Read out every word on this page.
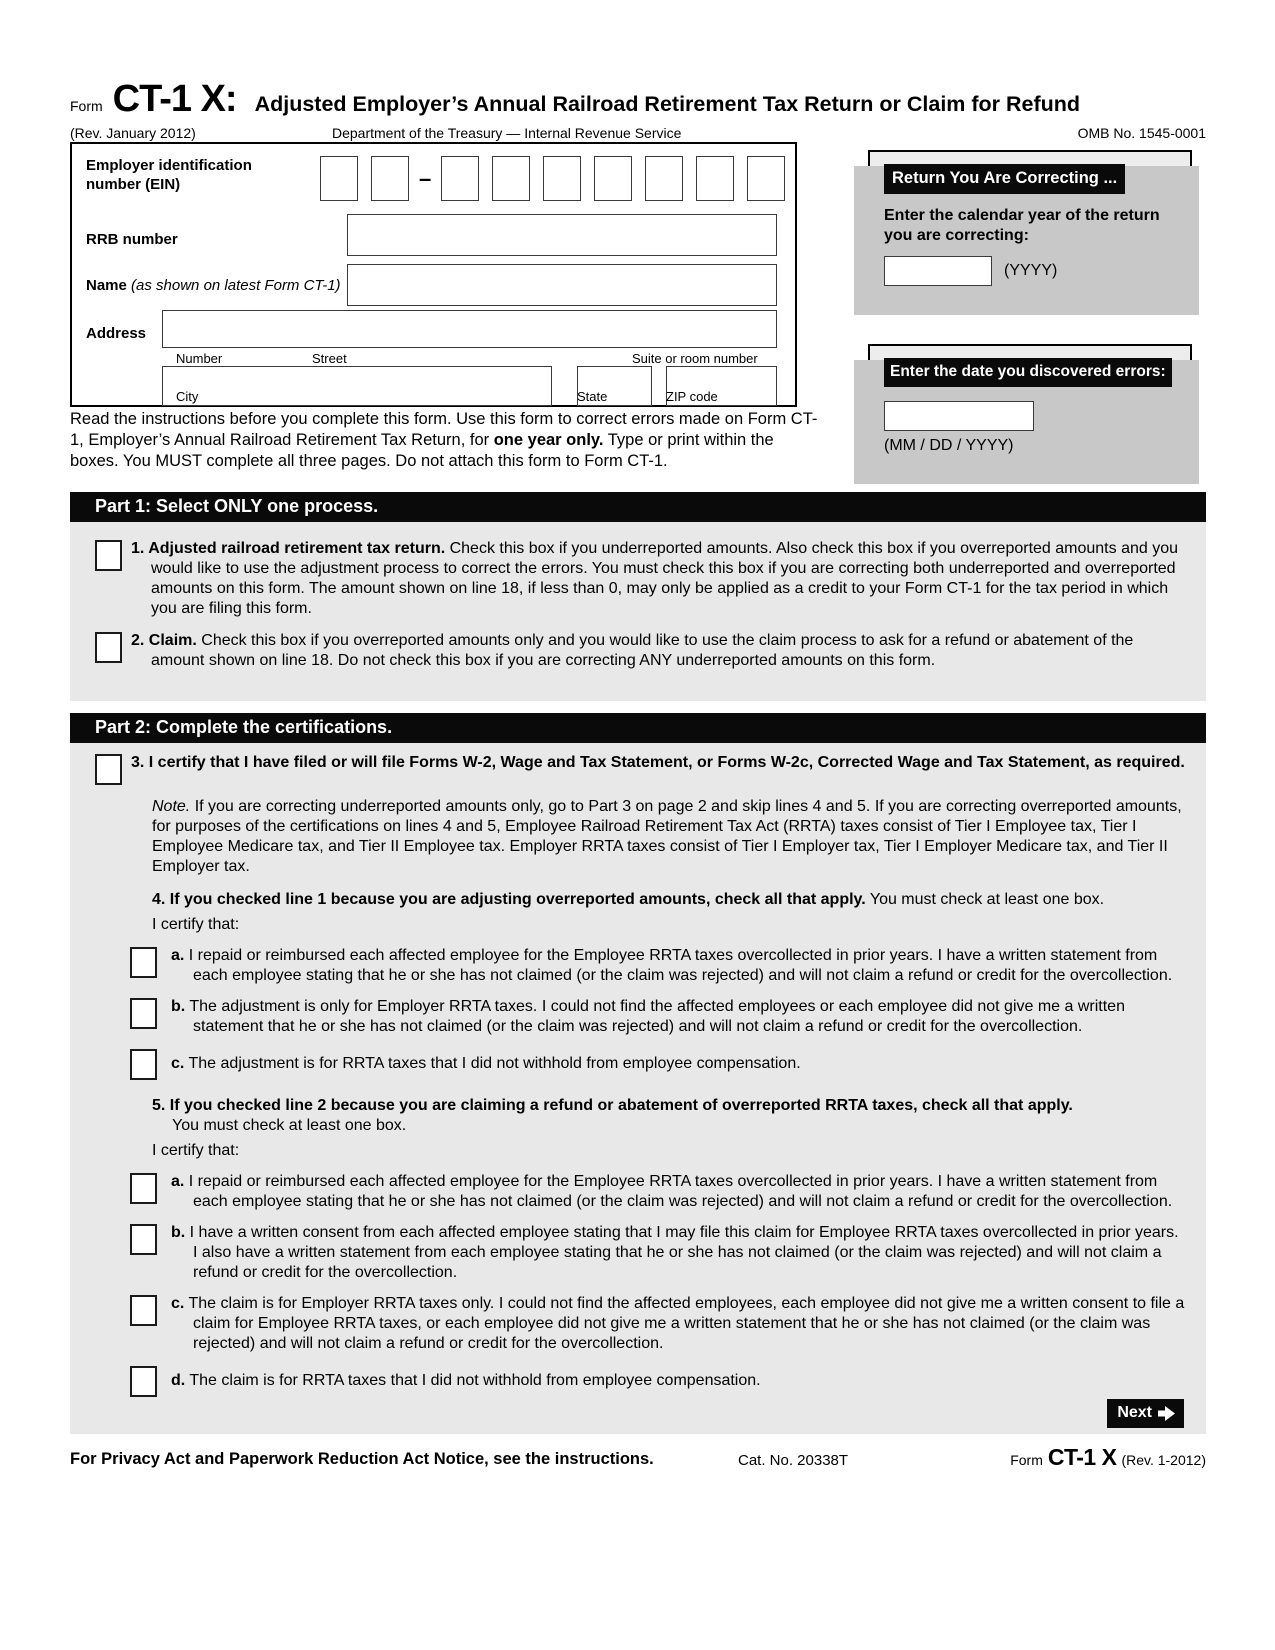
Form CT-1 X: Adjusted Employer’s Annual Railroad Retirement Tax Return or Claim for Refund
(Rev. January 2012)	Department of the Treasury — Internal Revenue Service	OMB No. 1545-0001
Employer identification number (EIN)	–
RRB number
Name (as shown on latest Form CT-1)
Address
Number	Street	Suite or room number
City	State	ZIP code
Return You Are Correcting ...
Enter the calendar year of the return you are correcting:
(YYYY)
Enter the date you discovered errors:
(MM / DD / YYYY)

Read the instructions before you complete this form. Use this form to correct errors made on Form CT-1, Employer’s Annual Railroad Retirement Tax Return, for one year only. Type or print within the boxes. You MUST complete all three pages. Do not attach this form to Form CT-1.

Part 1: Select ONLY one process.
1. Adjusted railroad retirement tax return. Check this box if you underreported amounts. Also check this box if you overreported amounts and you would like to use the adjustment process to correct the errors. You must check this box if you are correcting both underreported and overreported amounts on this form. The amount shown on line 18, if less than 0, may only be applied as a credit to your Form CT-1 for the tax period in which you are filing this form.
2. Claim. Check this box if you overreported amounts only and you would like to use the claim process to ask for a refund or abatement of the amount shown on line 18. Do not check this box if you are correcting ANY underreported amounts on this form.
Part 2: Complete the certifications.
3. I certify that I have filed or will file Forms W-2, Wage and Tax Statement, or Forms W-2c, Corrected Wage and Tax Statement, as required.

Note. If you are correcting underreported amounts only, go to Part 3 on page 2 and skip lines 4 and 5. If you are correcting overreported amounts, for purposes of the certifications on lines 4 and 5, Employee Railroad Retirement Tax Act (RRTA) taxes consist of Tier I Employee tax, Tier I Employee Medicare tax, and Tier II Employee tax. Employer RRTA taxes consist of Tier I Employer tax, Tier I Employer Medicare tax, and Tier II Employer tax.

4. If you checked line 1 because you are adjusting overreported amounts, check all that apply. You must check at least one box.

I certify that:

a. I repaid or reimbursed each affected employee for the Employee RRTA taxes overcollected in prior years. I have a written statement from each employee stating that he or she has not claimed (or the claim was rejected) and will not claim a refund or credit for the overcollection.
b. The adjustment is only for Employer RRTA taxes. I could not find the affected employees or each employee did not give me a written statement that he or she has not claimed (or the claim was rejected) and will not claim a refund or credit for the overcollection.
c. The adjustment is for RRTA taxes that I did not withhold from employee compensation.

5. If you checked line 2 because you are claiming a refund or abatement of overreported RRTA taxes, check all that apply.
You must check at least one box.

I certify that:

a. I repaid or reimbursed each affected employee for the Employee RRTA taxes overcollected in prior years. I have a written statement from each employee stating that he or she has not claimed (or the claim was rejected) and will not claim a refund or credit for the overcollection.
b. I have a written consent from each affected employee stating that I may file this claim for Employee RRTA taxes overcollected in prior years. I also have a written statement from each employee stating that he or she has not claimed (or the claim was rejected) and will not claim a refund or credit for the overcollection.
c. The claim is for Employer RRTA taxes only. I could not find the affected employees, each employee did not give me a written consent to file a claim for Employee RRTA taxes, or each employee did not give me a written statement that he or she has not claimed (or the claim was rejected) and will not claim a refund or credit for the overcollection.
d. The claim is for RRTA taxes that I did not withhold from employee compensation.
Next
For Privacy Act and Paperwork Reduction Act Notice, see the instructions.	Cat. No. 20338T	Form CT-1 X (Rev. 1-2012)
